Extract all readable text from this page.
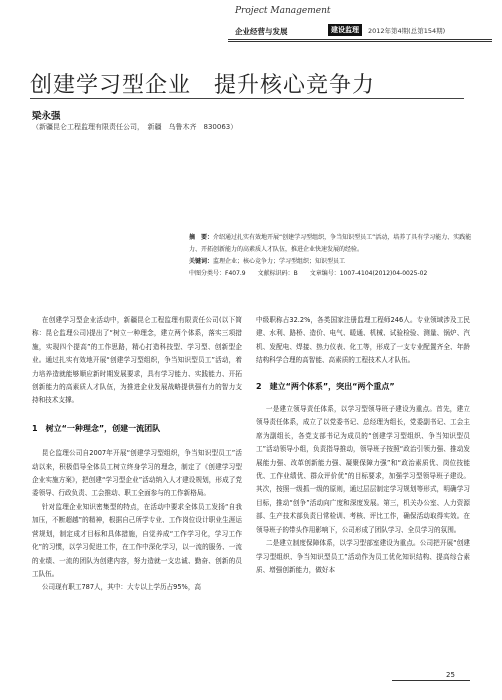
Project Management
企业经营与发展	建设监理	2012年第4期(总第154期)
创建学习型企业　提升核心竞争力
梁永强
（新疆昆仑工程监理有限责任公司，　新疆　乌鲁木齐　830063）
摘　要：介绍通过扎实有效地开展“创建学习型组织，争当知识型员工”活动，培养了具有学习能力、实践能力、开拓创新能力的高素质人才队伍，推进企业快速发展的经验。
关键词：监理企业；核心竞争力；学习型组织；知识型员工
中图分类号：F407.9　　文献标识码：B　　文章编号：1007-4104(2012)04-0025-02
在创建学习型企业活动中，新疆昆仑工程监理有限责任公司(以下简称：昆仑监理公司)提出了“树立一种理念，建立两个体系，落实三项措施，实现四个提高”的工作思路，精心打造科技型、学习型、创新型企业。通过扎实有效地开展“创建学习型组织，争当知识型员工”活动，着力培养造就能够顺应新时期发展要求，具有学习能力、实践能力、开拓创新能力的高素质人才队伍，为推进企业发展战略提供强有力的智力支持和技术支撑。
1　树立“一种理念”，创建一流团队
昆仑监理公司自2007年开展“创建学习型组织，争当知识型员工”活动以来，积极倡导全体员工树立终身学习的理念，制定了《创建学习型企业实施方案》，把创建“学习型企业”活动纳入人才建设规划，形成了党委领导、行政负责、工会推动、职工全面参与的工作新格局。
针对监理企业知识密集型的特点，在活动中要求全体员工发扬“自我加压，不断超越”的精神，根据自己所学专业、工作岗位设计职业生涯运营规划，制定成才目标和具体措施，自觉养成“工作学习化，学习工作化”的习惯，以学习促进工作，在工作中深化学习，以一流的服务、一流的业绩、一流的团队为创建内容，努力造就一支忠诚、勤奋、创新的员工队伍。
公司现有职工787人，其中：大专以上学历占95%，高
中级职称占32.2%，各类国家注册监理工程师246人。专业领域涉及工民建、水利、路桥、造价、电气、暖通、机械、试验检验、测量、锅炉、汽机、发配电、焊接、热力仪表、化工等，形成了一支专业配置齐全、年龄结构科学合理的高智能、高素质的工程技术人才队伍。
2　建立“两个体系”，突出“两个重点”
一是建立领导责任体系，以学习型领导班子建设为重点。首先，建立领导责任体系，成立了以党委书记、总经理为组长，党委副书记、工会主席为副组长，各党支部书记为成员的“创建学习型组织、争当知识型员工”活动领导小组，负责指导推动，领导班子按照“政治引领力强、推动发展能力强、改革创新能力强、凝聚保障力强”和“政治素质优、岗位技能优、工作业绩优、群众评价优”的目标要求，加强学习型领导班子建设。其次，按照一级抓一级的原则，通过层层制定学习规划等形式，明确学习目标，推动“创争”活动向广度和深度发展。第三，机关办公室、人力资源部、生产技术部负责日常检训、考核、评比工作，确保活动取得实效。在领导班子的带头作用影响下，公司形成了团队学习、全员学习的氛围。
二是建立制度保障体系，以学习型部室建设为重点。公司把开展“创建学习型组织、争当知识型员工”活动作为员工优化知识结构、提高综合素质、增强创新能力，做好本
25
